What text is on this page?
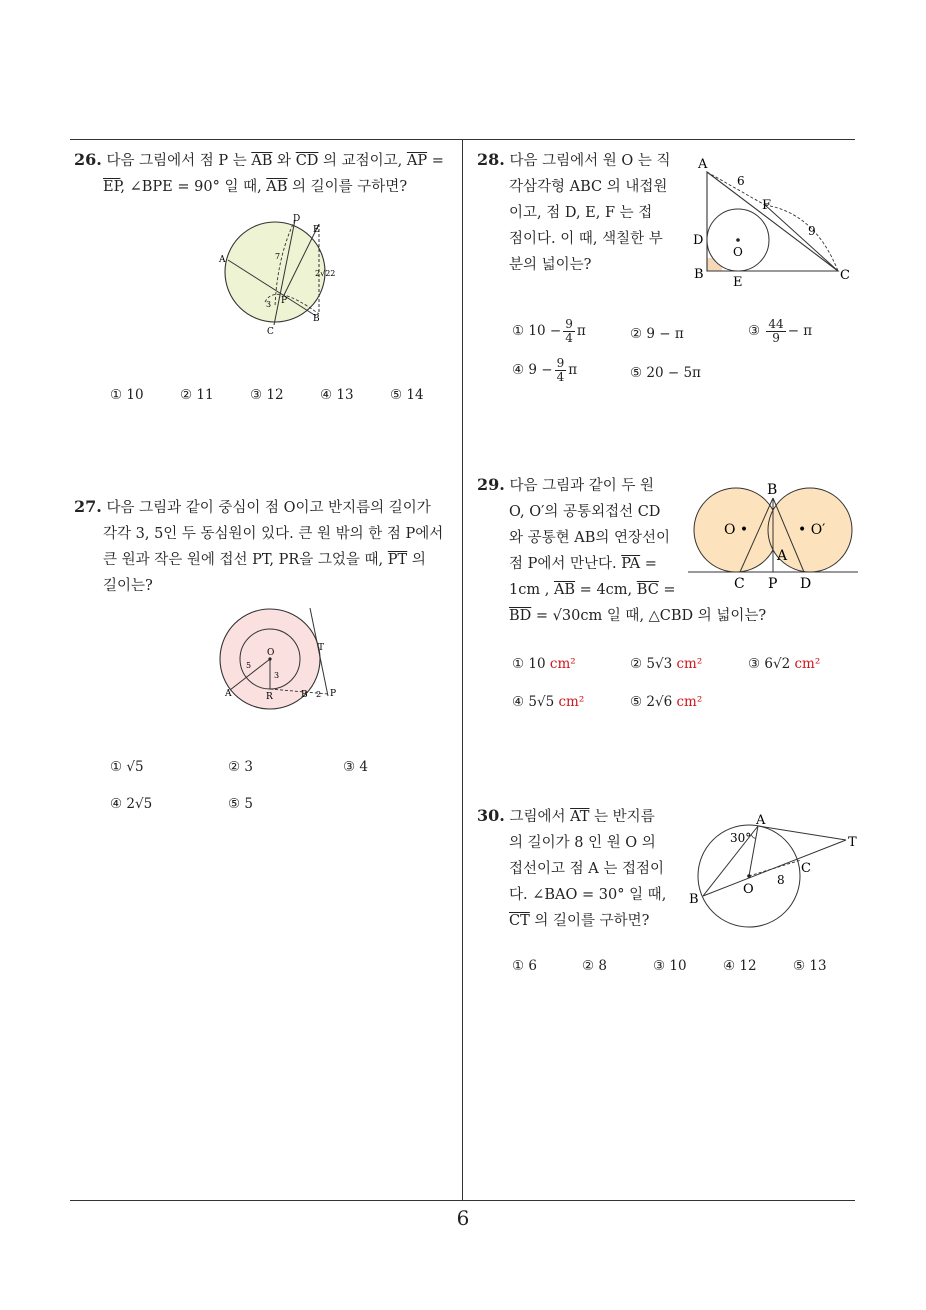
26. 다음 그림에서 점 P 는 $\overline{AB}$ 와 $\overline{CD}$ 의 교점이고, $\overline{AP}$ =
$\overline{EP}$, ∠BPE = 90° 일 때, $\overline{AB}$ 의 길이를 구하면?
A
D
E
P
B
C
7
3
2√22
① 10	② 11	③ 12	④ 13	⑤ 14
27. 다음 그림과 같이 중심이 점 O이고 반지름의 길이가
각각 3, 5인 두 동심원이 있다. 큰 원 밖의 한 점 P에서
큰 원과 작은 원에 접선 PT, PR을 그었을 때, $\overline{PT}$ 의
길이는?
O	T
A	R	B P
5
3
2
① √5	② 3	③ 4
④ 2√5	⑤ 5
28. 다음 그림에서 원 O 는 직
각삼각형 ABC 의 내접원
이고, 점 D, E, F 는 접
점이다. 이 때, 색칠한 부
분의 넓이는?
A
D
B
E	C
F
O
6
9
① $10 - \frac{9}{4}$ π	② 9 − π	③ $\frac{44}{9} - \pi$
④ $9 - \frac{9}{4}$ π	⑤ 20 − 5π
29. 다음 그림과 같이 두 원
O, O′의 공통외접선 CD
와 공통현 AB의 연장선이
점 P에서 만난다. $\overline{PA}$ =
1cm , $\overline{AB} = 4cm$, $\overline{BC}$ =
$\overline{BD} = √30cm$ 일 때, △CBD 의 넓이는?
B
O •	• O′
A
C P D
① 10 cm²	② 5√3 cm²	③ 6√2 cm²
④ 5√5 cm²	⑤ 2√6 cm²
30. 그림에서 $\overline{AT}$ 는 반지름
의 길이가 8 인 원 O 의
접선이고 점 A 는 접점이
다. ∠BAO = 30° 일 때,
$\overline{CT}$ 의 길이를 구하면?
A
T
B
C
O
30°
8
① 6	② 8	③ 10	④ 12	⑤ 13
6
